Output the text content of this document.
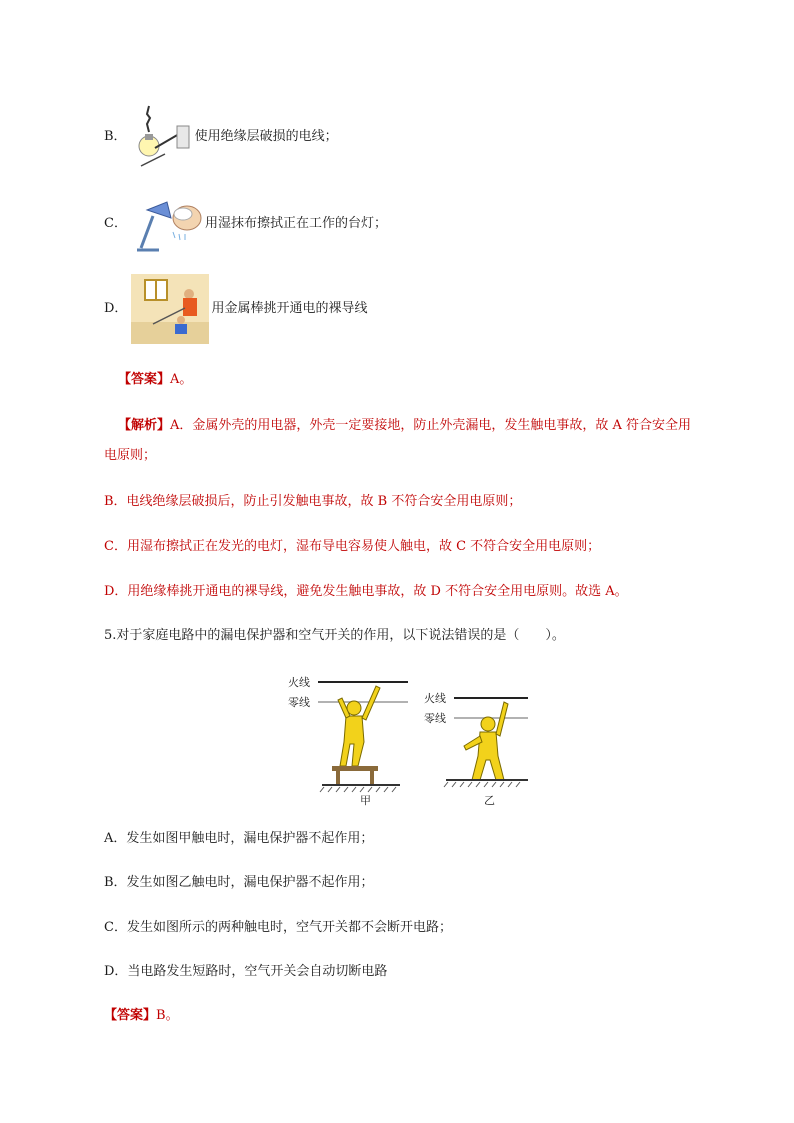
B．	使用绝缘层破损的电线；
C．	用湿抹布擦拭正在工作的台灯；
D．	用金属棒挑开通电的裸导线
【答案】A。
【解析】A．金属外壳的用电器，外壳一定要接地，防止外壳漏电，发生触电事故，故 A 符合安全用
电原则；
B．电线绝缘层破损后，防止引发触电事故，故 B 不符合安全用电原则；
C．用湿布擦拭正在发光的电灯，湿布导电容易使人触电，故 C 不符合安全用电原则；
D．用绝缘棒挑开通电的裸导线，避免发生触电事故，故 D 不符合安全用电原则。故选 A。
5.对于家庭电路中的漏电保护器和空气开关的作用，以下说法错误的是（　　）。
火线
零线
甲
火线
零线
乙
A．发生如图甲触电时，漏电保护器不起作用；
B．发生如图乙触电时，漏电保护器不起作用；
C．发生如图所示的两种触电时，空气开关都不会断开电路；
D．当电路发生短路时，空气开关会自动切断电路
【答案】B。
